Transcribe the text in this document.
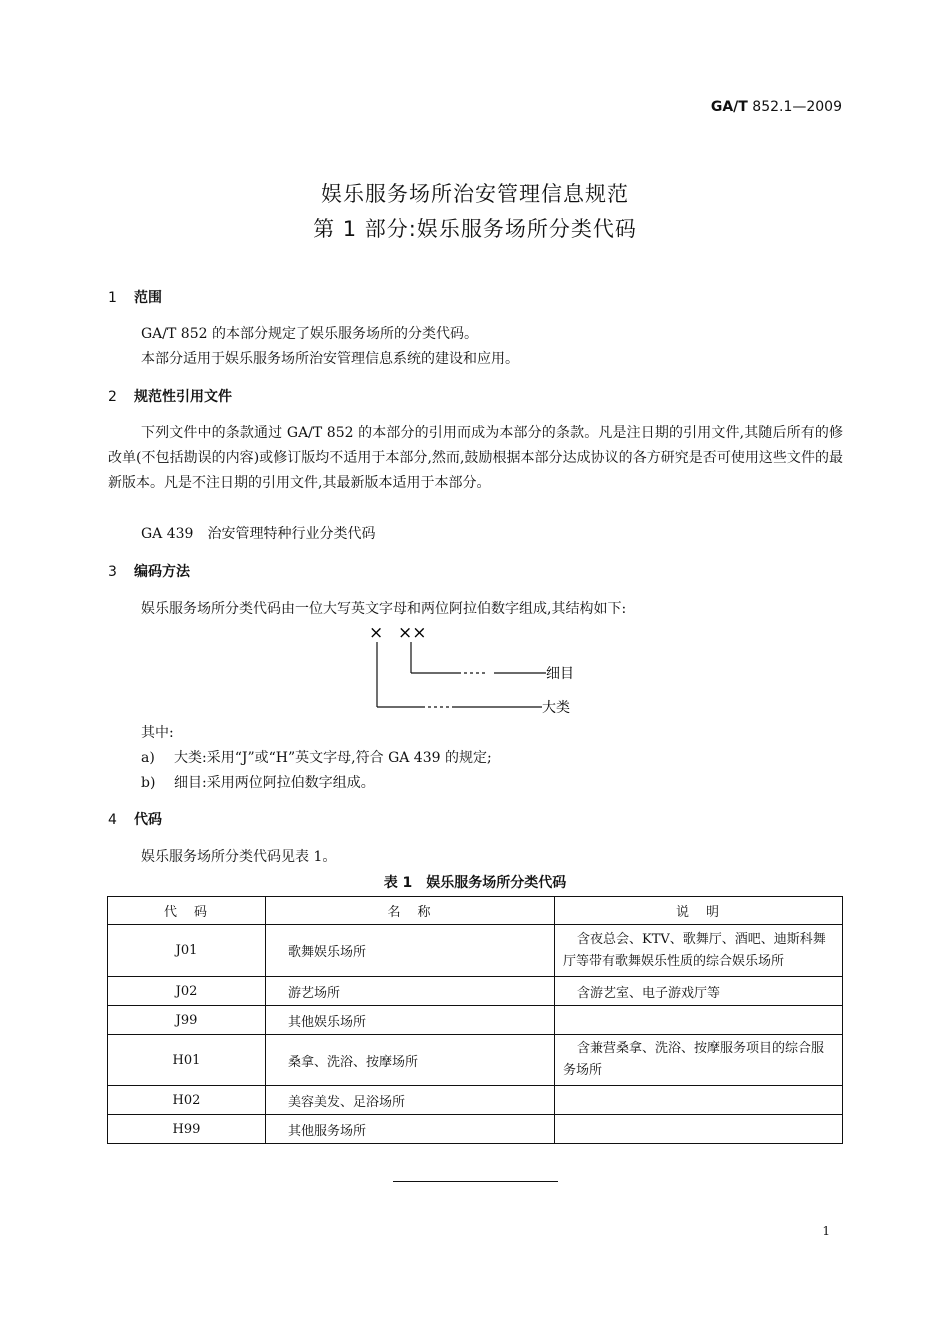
GA/T 852.1—2009
娱乐服务场所治安管理信息规范
第 1 部分:娱乐服务场所分类代码
1 范围
GA/T 852 的本部分规定了娱乐服务场所的分类代码。
本部分适用于娱乐服务场所治安管理信息系统的建设和应用。
2 规范性引用文件
下列文件中的条款通过 GA/T 852 的本部分的引用而成为本部分的条款。凡是注日期的引用文件,其随后所有的修改单(不包括勘误的内容)或修订版均不适用于本部分,然而,鼓励根据本部分达成协议的各方研究是否可使用这些文件的最新版本。凡是不注日期的引用文件,其最新版本适用于本部分。
GA 439　治安管理特种行业分类代码
3 编码方法
娱乐服务场所分类代码由一位大写英文字母和两位阿拉伯数字组成,其结构如下:
× ××
细目
大类
其中:
a) 大类:采用“J”或“H”英文字母,符合 GA 439 的规定;
b) 细目:采用两位阿拉伯数字组成。
4 代码
娱乐服务场所分类代码见表 1。
表 1　娱乐服务场所分类代码
代　码	名　称	说　明
J01	歌舞娱乐场所	含夜总会、KTV、歌舞厅、酒吧、迪斯科舞厅等带有歌舞娱乐性质的综合娱乐场所
J02	游艺场所	含游艺室、电子游戏厅等
J99	其他娱乐场所	
H01	桑拿、洗浴、按摩场所	含兼营桑拿、洗浴、按摩服务项目的综合服务场所
H02	美容美发、足浴场所	
H99	其他服务场所	
1
